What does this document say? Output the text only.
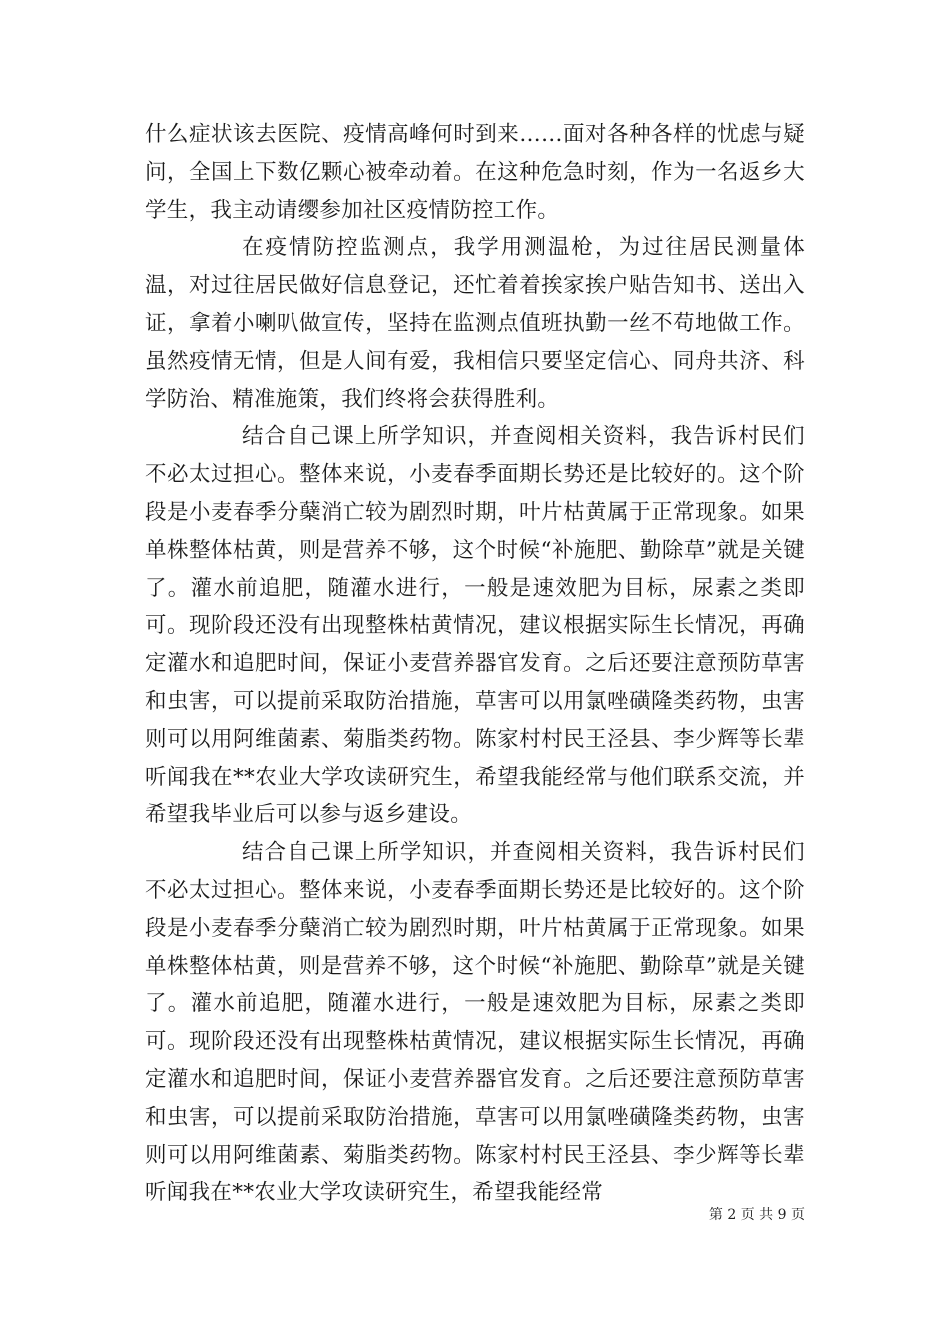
什么症状该去医院、疫情高峰何时到来……面对各种各样的忧虑与疑问，全国上下数亿颗心被牵动着。在这种危急时刻，作为一名返乡大学生，我主动请缨参加社区疫情防控工作。

在疫情防控监测点，我学用测温枪，为过往居民测量体温，对过往居民做好信息登记，还忙着着挨家挨户贴告知书、送出入证，拿着小喇叭做宣传，坚持在监测点值班执勤一丝不苟地做工作。虽然疫情无情，但是人间有爱，我相信只要坚定信心、同舟共济、科学防治、精准施策，我们终将会获得胜利。

结合自己课上所学知识，并查阅相关资料，我告诉村民们不必太过担心。整体来说，小麦春季面期长势还是比较好的。这个阶段是小麦春季分蘖消亡较为剧烈时期，叶片枯黄属于正常现象。如果单株整体枯黄，则是营养不够，这个时候“补施肥、勤除草”就是关键了。灌水前追肥，随灌水进行，一般是速效肥为目标，尿素之类即可。现阶段还没有出现整株枯黄情况，建议根据实际生长情况，再确定灌水和追肥时间，保证小麦营养器官发育。之后还要注意预防草害和虫害，可以提前采取防治措施，草害可以用氯唑磺隆类药物，虫害则可以用阿维菌素、菊脂类药物。陈家村村民王泾县、李少辉等长辈听闻我在**农业大学攻读研究生，希望我能经常与他们联系交流，并希望我毕业后可以参与返乡建设。

结合自己课上所学知识，并查阅相关资料，我告诉村民们不必太过担心。整体来说，小麦春季面期长势还是比较好的。这个阶段是小麦春季分蘖消亡较为剧烈时期，叶片枯黄属于正常现象。如果单株整体枯黄，则是营养不够，这个时候“补施肥、勤除草”就是关键了。灌水前追肥，随灌水进行，一般是速效肥为目标，尿素之类即可。现阶段还没有出现整株枯黄情况，建议根据实际生长情况，再确定灌水和追肥时间，保证小麦营养器官发育。之后还要注意预防草害和虫害，可以提前采取防治措施，草害可以用氯唑磺隆类药物，虫害则可以用阿维菌素、菊脂类药物。陈家村村民王泾县、李少辉等长辈听闻我在**农业大学攻读研究生，希望我能经常

第 2 页 共 9 页
